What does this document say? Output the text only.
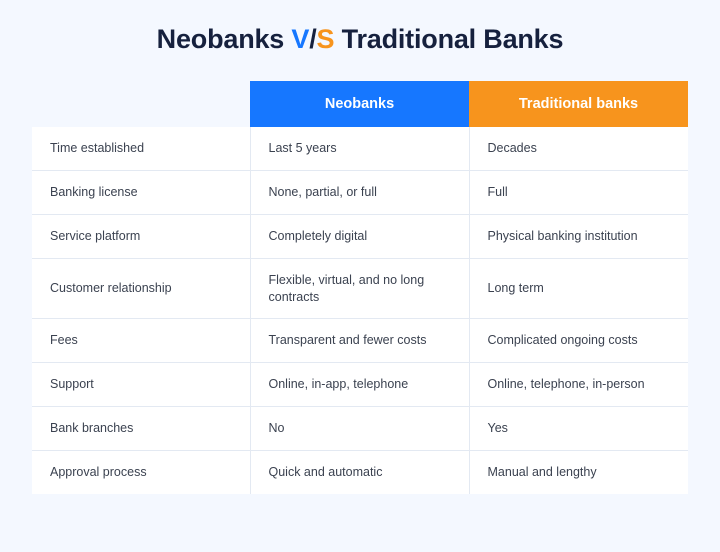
Neobanks V/S Traditional Banks

	Neobanks	Traditional banks

Time established	Last 5 years	Decades
Banking license	None, partial, or full	Full
Service platform	Completely digital	Physical banking institution
Customer relationship	Flexible, virtual, and no long contracts	Long term
Fees	Transparent and fewer costs	Complicated ongoing costs
Support	Online, in-app, telephone	Online, telephone, in-person
Bank branches	No	Yes
Approval process	Quick and automatic	Manual and lengthy
